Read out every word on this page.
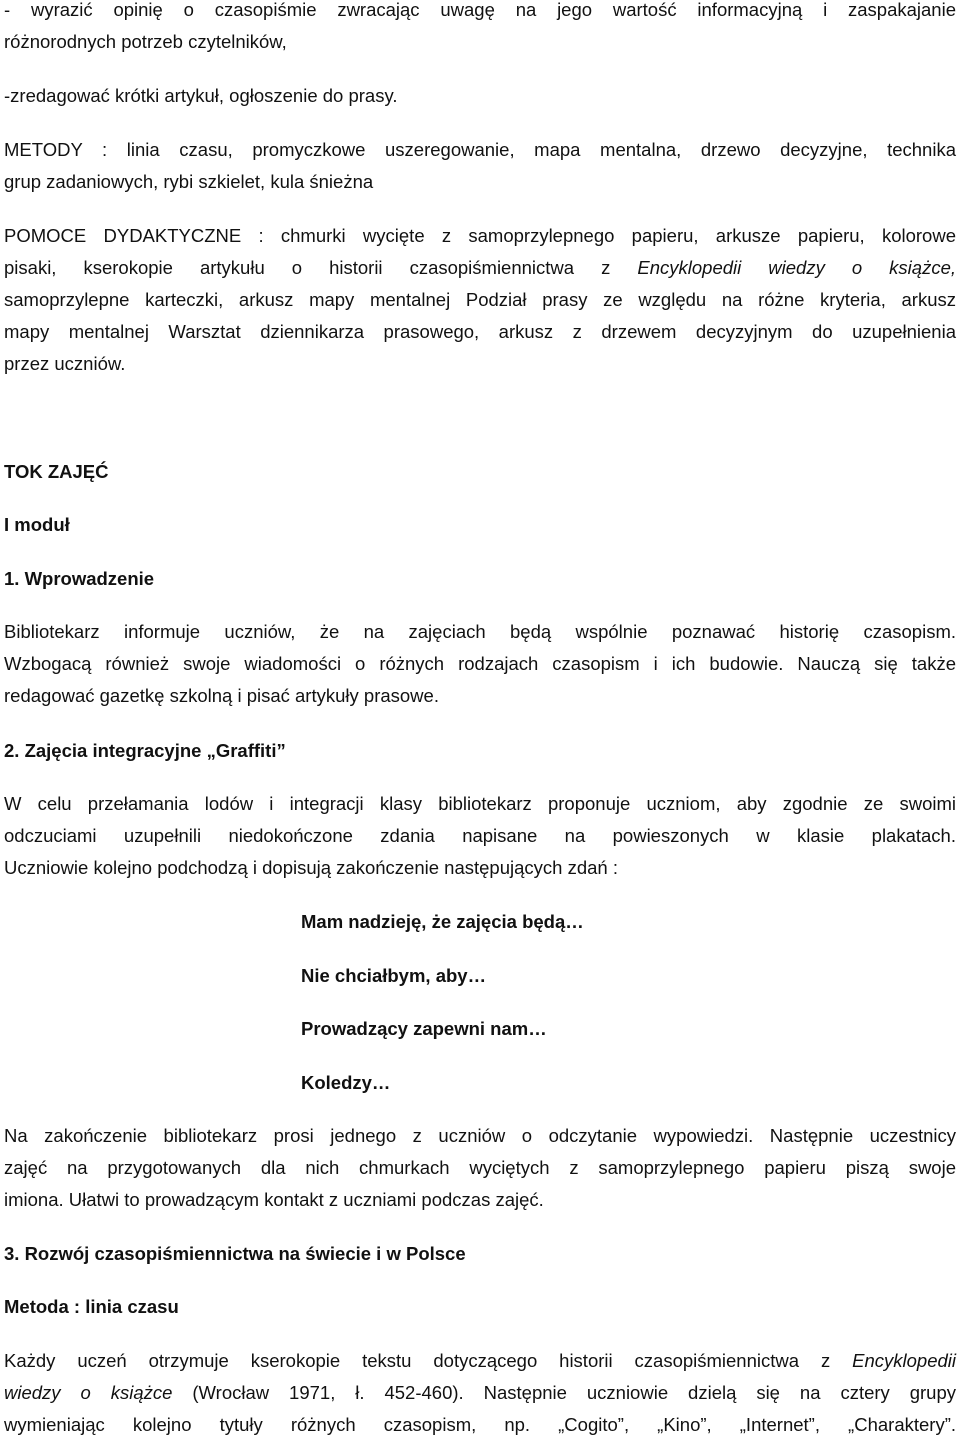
- wyrazić opinię o czasopiśmie zwracając uwagę na jego wartość informacyjną i zaspakajanie
różnorodnych potrzeb czytelników,
-zredagować krótki artykuł, ogłoszenie do prasy.
METODY : linia czasu, promyczkowe uszeregowanie, mapa mentalna, drzewo decyzyjne, technika
grup zadaniowych, rybi szkielet, kula śnieżna
POMOCE DYDAKTYCZNE : chmurki wycięte z samoprzylepnego papieru, arkusze papieru, kolorowe
pisaki, kserokopie artykułu o historii czasopiśmiennictwa z Encyklopedii wiedzy o książce,
samoprzylepne karteczki, arkusz mapy mentalnej Podział prasy ze względu na różne kryteria, arkusz
mapy mentalnej Warsztat dziennikarza prasowego, arkusz z drzewem decyzyjnym do uzupełnienia
przez uczniów.
TOK ZAJĘĆ
I moduł
1. Wprowadzenie
Bibliotekarz informuje uczniów, że na zajęciach będą wspólnie poznawać historię czasopism.
Wzbogacą również swoje wiadomości o różnych rodzajach czasopism i ich budowie. Nauczą się także
redagować gazetkę szkolną i pisać artykuły prasowe.
2. Zajęcia integracyjne „Graffiti”
W celu przełamania lodów i integracji klasy bibliotekarz proponuje uczniom, aby zgodnie ze swoimi
odczuciami uzupełnili niedokończone zdania napisane na powieszonych w klasie plakatach.
Uczniowie kolejno podchodzą i dopisują zakończenie następujących zdań :
Mam nadzieję, że zajęcia będą…
Nie chciałbym, aby…
Prowadzący zapewni nam…
Koledzy…
Na zakończenie bibliotekarz prosi jednego z uczniów o odczytanie wypowiedzi. Następnie uczestnicy
zajęć na przygotowanych dla nich chmurkach wyciętych z samoprzylepnego papieru piszą swoje
imiona. Ułatwi to prowadzącym kontakt z uczniami podczas zajęć.
3. Rozwój czasopiśmiennictwa na świecie i w Polsce
Metoda : linia czasu
Każdy uczeń otrzymuje kserokopie tekstu dotyczącego historii czasopiśmiennictwa z Encyklopedii
wiedzy o książce (Wrocław 1971, ł. 452-460). Następnie uczniowie dzielą się na cztery grupy
wymieniając kolejno tytuły różnych czasopism, np. „Cogito”, „Kino”, „Internet”, „Charaktery”.
